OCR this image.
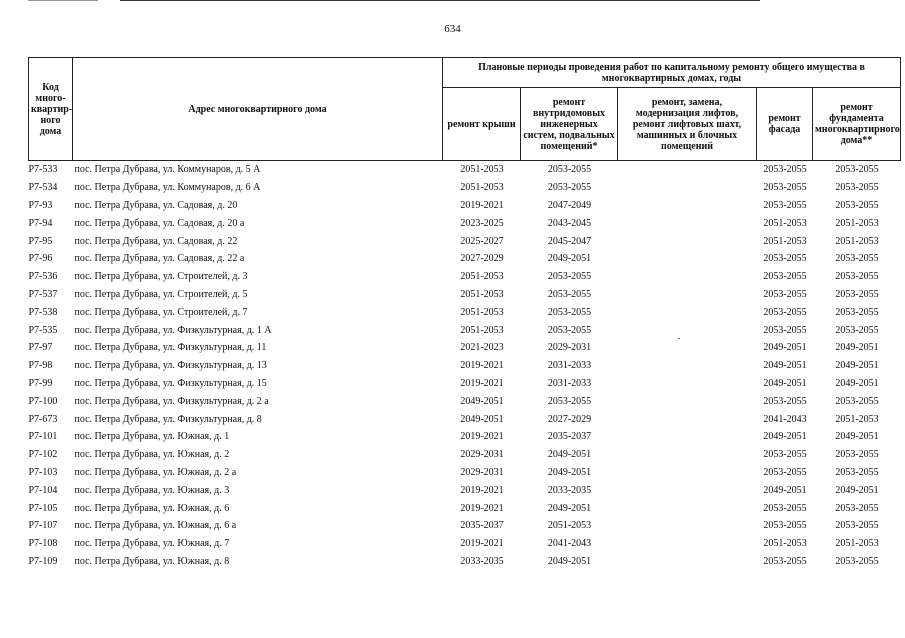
634
Код много-квартир-ного дома	Адрес многоквартирного дома	Плановые периоды проведения работ по капитальному ремонту общего имущества в многоквартирных домах, годы				
		ремонт крыши	ремонт внутридомовых инженерных систем, подвальных помещений*	ремонт, замена, модернизация лифтов, ремонт лифтовых шахт, машинных и блочных помещений	ремонт фасада	ремонт фундамента многоквартирного дома**
P7-533	пос. Петра Дубрава, ул. Коммунаров, д. 5 А	2051-2053	2053-2055		2053-2055	2053-2055
P7-534	пос. Петра Дубрава, ул. Коммунаров, д. 6 А	2051-2053	2053-2055		2053-2055	2053-2055
P7-93	пос. Петра Дубрава, ул. Садовая, д. 20	2019-2021	2047-2049		2053-2055	2053-2055
P7-94	пос. Петра Дубрава, ул. Садовая, д. 20 а	2023-2025	2043-2045		2051-2053	2051-2053
P7-95	пос. Петра Дубрава, ул. Садовая, д. 22	2025-2027	2045-2047		2051-2053	2051-2053
P7-96	пос. Петра Дубрава, ул. Садовая, д. 22 а	2027-2029	2049-2051		2053-2055	2053-2055
P7-536	пос. Петра Дубрава, ул. Строителей, д. 3	2051-2053	2053-2055		2053-2055	2053-2055
P7-537	пос. Петра Дубрава, ул. Строителей, д. 5	2051-2053	2053-2055		2053-2055	2053-2055
P7-538	пос. Петра Дубрава, ул. Строителей, д. 7	2051-2053	2053-2055		2053-2055	2053-2055
P7-535	пос. Петра Дубрава, ул. Физкультурная, д. 1 А	2051-2053	2053-2055		2053-2055	2053-2055
P7-97	пос. Петра Дубрава, ул. Физкультурная, д. 11	2021-2023	2029-2031		2049-2051	2049-2051
P7-98	пос. Петра Дубрава, ул. Физкультурная, д. 13	2019-2021	2031-2033		2049-2051	2049-2051
P7-99	пос. Петра Дубрава, ул. Физкультурная, д. 15	2019-2021	2031-2033		2049-2051	2049-2051
P7-100	пос. Петра Дубрава, ул. Физкультурная, д. 2 а	2049-2051	2053-2055		2053-2055	2053-2055
P7-673	пос. Петра Дубрава, ул. Физкультурная, д. 8	2049-2051	2027-2029		2041-2043	2051-2053
P7-101	пос. Петра Дубрава, ул. Южная, д. 1	2019-2021	2035-2037		2049-2051	2049-2051
P7-102	пос. Петра Дубрава, ул. Южная, д. 2	2029-2031	2049-2051		2053-2055	2053-2055
P7-103	пос. Петра Дубрава, ул. Южная, д. 2 а	2029-2031	2049-2051		2053-2055	2053-2055
P7-104	пос. Петра Дубрава, ул. Южная, д. 3	2019-2021	2033-2035		2049-2051	2049-2051
P7-105	пос. Петра Дубрава, ул. Южная, д. 6	2019-2021	2049-2051		2053-2055	2053-2055
P7-107	пос. Петра Дубрава, ул. Южная, д. 6 а	2035-2037	2051-2053		2053-2055	2053-2055
P7-108	пос. Петра Дубрава, ул. Южная, д. 7	2019-2021	2041-2043		2051-2053	2051-2053
P7-109	пос. Петра Дубрава, ул. Южная, д. 8	2033-2035	2049-2051		2053-2055	2053-2055
